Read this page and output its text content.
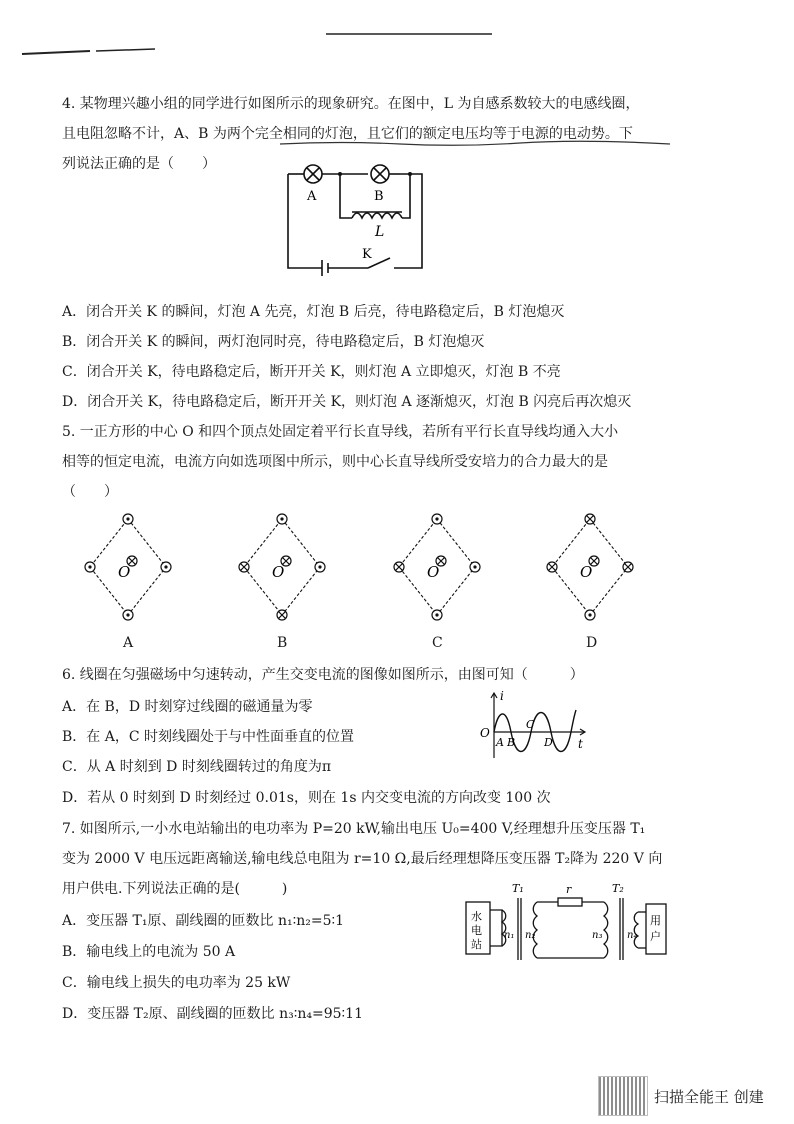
4. 某物理兴趣小组的同学进行如图所示的现象研究。在图中，L 为自感系数较大的电感线圈，
且电阻忽略不计，A、B 为两个完全相同的灯泡，且它们的额定电压均等于电源的电动势。下
列说法正确的是（　　）
A	B
L
K
A．闭合开关 K 的瞬间，灯泡 A 先亮，灯泡 B 后亮，待电路稳定后，B 灯泡熄灭
B．闭合开关 K 的瞬间，两灯泡同时亮，待电路稳定后，B 灯泡熄灭
C．闭合开关 K，待电路稳定后，断开开关 K，则灯泡 A 立即熄灭，灯泡 B 不亮
D．闭合开关 K，待电路稳定后，断开开关 K，则灯泡 A 逐渐熄灭，灯泡 B 闪亮后再次熄灭
5. 一正方形的中心 O 和四个顶点处固定着平行长直导线，若所有平行长直导线均通入大小
相等的恒定电流，电流方向如选项图中所示，则中心长直导线所受安培力的合力最大的是
（　　）
O	O	O	O
A	B	C	D
6. 线圈在匀强磁场中匀速转动，产生交变电流的图像如图所示，由图可知（　　　）
A．在 B，D 时刻穿过线圈的磁通量为零
B．在 A，C 时刻线圈处于与中性面垂直的位置
C．从 A 时刻到 D 时刻线圈转过的角度为π
D．若从 0 时刻到 D 时刻经过 0.01s，则在 1s 内交变电流的方向改变 100 次
i
t
O
A B
C
D
7. 如图所示,一小水电站输出的电功率为 P=20 kW,输出电压 U₀=400 V,经理想升压变压器 T₁
变为 2000 V 电压远距离输送,输电线总电阻为 r=10 Ω,最后经理想降压变压器 T₂降为 220 V 向
用户供电.下列说法正确的是(　　　)
A．变压器 T₁原、副线圈的匝数比 n₁∶n₂=5∶1
B．输电线上的电流为 50 A
C．输电线上损失的电功率为 25 kW
D．变压器 T₂原、副线圈的匝数比 n₃∶n₄=95∶11
水
电
站
用
户
T₁	T₂
r
n₁ n₂	n₃ n₄
扫描全能王 创建
